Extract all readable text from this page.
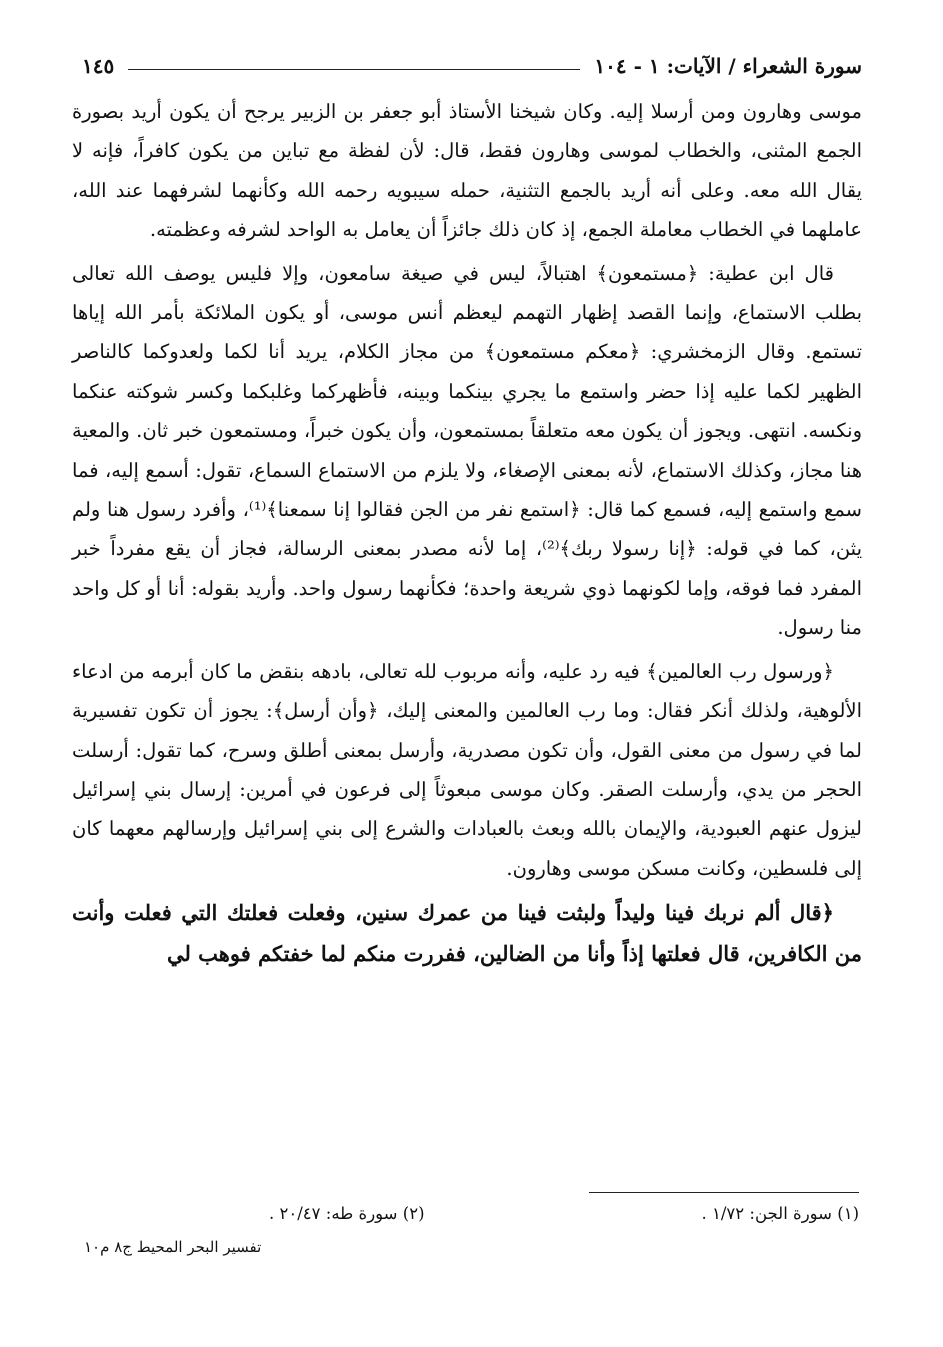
سورة الشعراء / الآيات: ١ - ١٠٤
١٤٥

موسى وهارون ومن أرسلا إليه. وكان شيخنا الأستاذ أبو جعفر بن الزبير يرجح أن يكون أريد بصورة الجمع المثنى، والخطاب لموسى وهارون فقط، قال: لأن لفظة مع تباين من يكون كافراً، فإنه لا يقال الله معه. وعلى أنه أريد بالجمع التثنية، حمله سيبويه رحمه الله وكأنهما لشرفهما عند الله، عاملهما في الخطاب معاملة الجمع، إذ كان ذلك جائزاً أن يعامل به الواحد لشرفه وعظمته.

قال ابن عطية: ﴿مستمعون﴾ اهتبالاً، ليس في صيغة سامعون، وإلا فليس يوصف الله تعالى بطلب الاستماع، وإنما القصد إظهار التهمم ليعظم أنس موسى، أو يكون الملائكة بأمر الله إياها تستمع. وقال الزمخشري: ﴿معكم مستمعون﴾ من مجاز الكلام، يريد أنا لكما ولعدوكما كالناصر الظهير لكما عليه إذا حضر واستمع ما يجري بينكما وبينه، فأظهركما وغلبكما وكسر شوكته عنكما ونكسه. انتهى. ويجوز أن يكون معه متعلقاً بمستمعون، وأن يكون خبراً، ومستمعون خبر ثان. والمعية هنا مجاز، وكذلك الاستماع، لأنه بمعنى الإصغاء، ولا يلزم من الاستماع السماع، تقول: أسمع إليه، فما سمع واستمع إليه، فسمع كما قال: ﴿استمع نفر من الجن فقالوا إنا سمعنا﴾⁽¹⁾، وأفرد رسول هنا ولم يثن، كما في قوله: ﴿إنا رسولا ربك﴾⁽²⁾، إما لأنه مصدر بمعنى الرسالة، فجاز أن يقع مفرداً خبر المفرد فما فوقه، وإما لكونهما ذوي شريعة واحدة؛ فكأنهما رسول واحد. وأريد بقوله: أنا أو كل واحد منا رسول.

﴿ورسول رب العالمين﴾ فيه رد عليه، وأنه مربوب لله تعالى، بادهه بنقض ما كان أبرمه من ادعاء الألوهية، ولذلك أنكر فقال: وما رب العالمين والمعنى إليك، ﴿وأن أرسل﴾: يجوز أن تكون تفسيرية لما في رسول من معنى القول، وأن تكون مصدرية، وأرسل بمعنى أطلق وسرح، كما تقول: أرسلت الحجر من يدي، وأرسلت الصقر. وكان موسى مبعوثاً إلى فرعون في أمرين: إرسال بني إسرائيل ليزول عنهم العبودية، والإيمان بالله وبعث بالعبادات والشرع إلى بني إسرائيل وإرسالهم معهما كان إلى فلسطين، وكانت مسكن موسى وهارون.

﴿قال ألم نربك فينا وليداً ولبثت فينا من عمرك سنين، وفعلت فعلتك التي فعلت وأنت من الكافرين، قال فعلتها إذاً وأنا من الضالين، ففررت منكم لما خفتكم فوهب لي

(١) سورة الجن: ١/٧٢ .
(٢) سورة طه: ٢٠/٤٧ .
تفسير البحر المحيط ج٨ م١٠
